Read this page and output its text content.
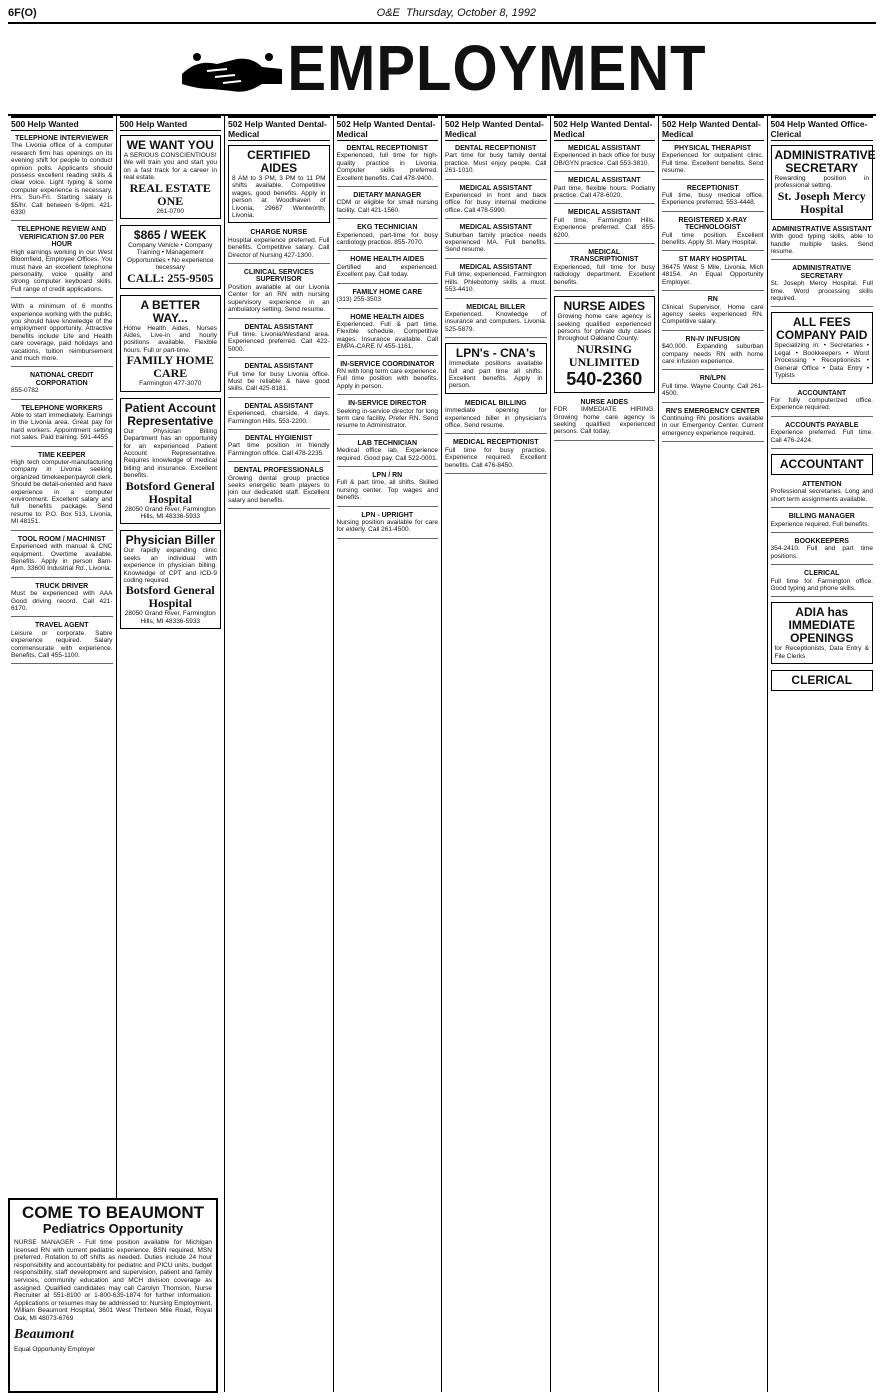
6F(O)	O&E Thursday, October 8, 1992
EMPLOYMENT
500 Help Wanted
TELEPHONE INTERVIEWER
The Livonia office of a computer research firm has openings on its evening shift for people to conduct opinion polls. Applicants should possess excellent reading skills & clear voice. Light typing & some computer experience is necessary. Hrs: Sun-Fri. Starting salary is $5/hr. Call between 6-9pm. 421-6330
TELEPHONE REVIEW AND VERIFICATION $7.00 PER HOUR
High earnings working in our West Bloomfield, Employee Offices. You must have an excellent telephone personality, voice quality and strong computer keyboard skills. Full range of credit applications.
With a minimum of 6 months experience working with the public, you should have knowledge of the employment opportunity. Attractive benefits include Life and Health care coverage, paid holidays and vacations, tuition reimbursement and much more.
NATIONAL CREDIT CORPORATION
855-0782
TELEPHONE WORKERS
Able to start immediately. Earnings in the Livonia area. Great pay for hard workers. Appointment setting not sales. Paid training. 591-4455
TIME KEEPER
High tech computer-manufacturing company in Livonia seeking organized timekeeper/payroll clerk. Should be detail-oriented and have experience in a computer environment. Excellent salary and full benefits package. Send resume to: P.O. Box 513, Livonia, MI 48151.
TOOL ROOM / MACHINIST
Experienced with manual & CNC equipment. Overtime available. Benefits. Apply in person 8am-4pm. 33600 Industrial Rd., Livonia.
TRUCK DRIVER
Must be experienced with AAA Good driving record. Call 421-6170.
TRAVEL AGENT
Leisure or corporate. Sabre experience required. Salary commensurate with experience. Benefits. Call 455-1100.
500 Help Wanted
WE WANT YOU
A SERIOUS CONSCIENTIOUS!
We will train you and start you on a fast track for a career in real estate.
REAL ESTATE ONE
261-0700
$865 / WEEK
Company Vehicle • Company Training • Management Opportunities • No experience necessary
CALL: 255-9505
A BETTER WAY...
Home Health Aides, Nurses Aides, Live-in and hourly positions available. Flexible hours. Full or part-time.
FAMILY HOME CARE
Farmington 477-3070
Patient Account Representative
Our Physician Billing Department has an opportunity for an experienced Patient Account Representative. Requires knowledge of medical billing and insurance. Excellent benefits.
Botsford General Hospital
28050 Grand River, Farmington Hills, MI 48336-5933
Physician Biller
Our rapidly expanding clinic seeks an individual with experience in physician billing. Knowledge of CPT and ICD-9 coding required.
Botsford General Hospital
28050 Grand River, Farmington Hills, MI 48336-5933
502 Help Wanted Dental-Medical
CERTIFIED AIDES
8 AM to 3 PM, 3 PM to 11 PM shifts available. Competitive wages, good benefits. Apply in person at Woodhaven of Livonia, 29667 Wentworth, Livonia.
CHARGE NURSE
Hospital experience preferred. Full benefits. Competitive salary. Call Director of Nursing 427-1300.
CLINICAL SERVICES SUPERVISOR
Position available at our Livonia Center for an RN with nursing supervisory experience in an ambulatory setting. Send resume.
DENTAL ASSISTANT
Full time. Livonia/Westland area. Experienced preferred. Call 422-5000.
DENTAL ASSISTANT
Full time for busy Livonia office. Must be reliable & have good skills. Call 425-8181.
DENTAL ASSISTANT
Experienced, chairside. 4 days. Farmington Hills. 553-2200.
DENTAL HYGIENIST
Part time position in friendly Farmington office. Call 478-2235.
DENTAL PROFESSIONALS
Growing dental group practice seeks energetic team players to join our dedicated staff. Excellent salary and benefits.
502 Help Wanted Dental-Medical
DENTAL RECEPTIONIST
Experienced, full time for high-quality practice in Livonia. Computer skills preferred. Excellent benefits. Call 478-9400.
DIETARY MANAGER
CDM or eligible for small nursing facility. Call 421-1560.
EKG TECHNICIAN
Experienced, part-time for busy cardiology practice. 855-7070.
HOME HEALTH AIDES
Certified and experienced. Excellent pay. Call today.
FAMILY HOME CARE
(313) 255-3503
HOME HEALTH AIDES
Experienced. Full & part time. Flexible schedule. Competitive wages. Insurance available. Call EMPA-CARE IV 455-1161.
IN-SERVICE COORDINATOR
RN with long term care experience. Full time position with benefits. Apply in person.
IN-SERVICE DIRECTOR
Seeking in-service director for long term care facility. Prefer RN. Send resume to Administrator.
LAB TECHNICIAN
Medical office lab. Experience required. Good pay. Call 522-0001.
LPN / RN
Full & part time, all shifts. Skilled nursing center. Top wages and benefits.
LPN - UPRIGHT
Nursing position available for care for elderly. Call 261-4500.
502 Help Wanted Dental-Medical
DENTAL RECEPTIONIST
Part time for busy family dental practice. Must enjoy people. Call 261-1010.
MEDICAL ASSISTANT
Experienced in front and back office for busy internal medicine office. Call 478-5990.
MEDICAL ASSISTANT
Suburban family practice needs experienced MA. Full benefits. Send resume.
MEDICAL ASSISTANT
Full time, experienced. Farmington Hills. Phlebotomy skills a must. 553-4410.
MEDICAL BILLER
Experienced. Knowledge of insurance and computers. Livonia. 525-5879.
LPN's - CNA's
Immediate positions available full and part time all shifts. Excellent benefits. Apply in person.
MEDICAL BILLING
Immediate opening for experienced biller in physician's office. Send resume.
MEDICAL RECEPTIONIST
Full time for busy practice. Experience required. Excellent benefits. Call 476-8450.
502 Help Wanted Dental-Medical
MEDICAL ASSISTANT
Experienced in back office for busy OB/GYN practice. Call 553-3810.
MEDICAL ASSISTANT
Part time, flexible hours. Podiatry practice. Call 478-6020.
MEDICAL ASSISTANT
Full time, Farmington Hills. Experience preferred. Call 855-6200.
MEDICAL TRANSCRIPTIONIST
Experienced, full time for busy radiology department. Excellent benefits.
NURSE AIDES
Growing home care agency is seeking qualified experienced persons for private duty cases throughout Oakland County.
NURSING UNLIMITED
540-2360
NURSE AIDES
FOR IMMEDIATE HIRING. Growing home care agency is seeking qualified experienced persons. Call today.
502 Help Wanted Dental-Medical
PHYSICAL THERAPIST
Experienced for outpatient clinic. Full time. Excellent benefits. Send resume.
RECEPTIONIST
Full time, busy medical office. Experience preferred. 553-4448.
REGISTERED X-RAY TECHNOLOGIST
Full time position. Excellent benefits. Apply St. Mary Hospital.
ST MARY HOSPITAL
36475 West 5 Mile, Livonia, Mich 48154. An Equal Opportunity Employer.
RN
Clinical Supervisor. Home care agency seeks experienced RN. Competitive salary.
RN-IV INFUSION
$40,000. Expanding suburban company needs RN with home care infusion experience.
RN/LPN
Full time. Wayne County. Call 261-4500.
RN'S EMERGENCY CENTER
Continuing RN positions available in our Emergency Center. Current emergency experience required.
504 Help Wanted Office-Clerical
ADMINISTRATIVE SECRETARY
Rewarding position in professional setting.
St. Joseph Mercy Hospital
ADMINISTRATIVE ASSISTANT
With good typing skills, able to handle multiple tasks. Send resume.
ADMINISTRATIVE SECRETARY
St. Joseph Mercy Hospital. Full time. Word processing skills required.
ALL FEES COMPANY PAID
Specializing in: • Secretaries • Legal • Bookkeepers • Word Processing • Receptionists • General Office • Data Entry • Typists
ACCOUNTANT
For fully computerized office. Experience required.
ACCOUNTS PAYABLE
Experience preferred. Full time. Call 476-2424.
ACCOUNTANT
ATTENTION
Professional secretaries. Long and short term assignments available.
BILLING MANAGER
Experience required. Full benefits.
BOOKKEEPERS
354-2410. Full and part time positions.
CLERICAL
Full time for Farmington office. Good typing and phone skills.
ADIA has IMMEDIATE OPENINGS
for Receptionists, Data Entry & File Clerks
CLERICAL
COME TO BEAUMONT
Pediatrics Opportunity
NURSE MANAGER - Full time position available for Michigan licensed RN with current pediatric experience. BSN required, MSN preferred. Rotation to off shifts as needed. Duties include 24 hour responsibility and accountability for pediatric and PICU units, budget responsibility, staff development and supervision, patient and family services, community education and MCH division coverage as assigned. Qualified candidates may call Carolyn Thomson, Nurse Recruiter at 551-8100 or 1-800-635-1874 for further information. Applications or resumes may be addressed to: Nursing Employment, William Beaumont Hospital, 3601 West Thirteen Mile Road, Royal Oak, MI 48073-6769
Beaumont
Equal Opportunity Employer
